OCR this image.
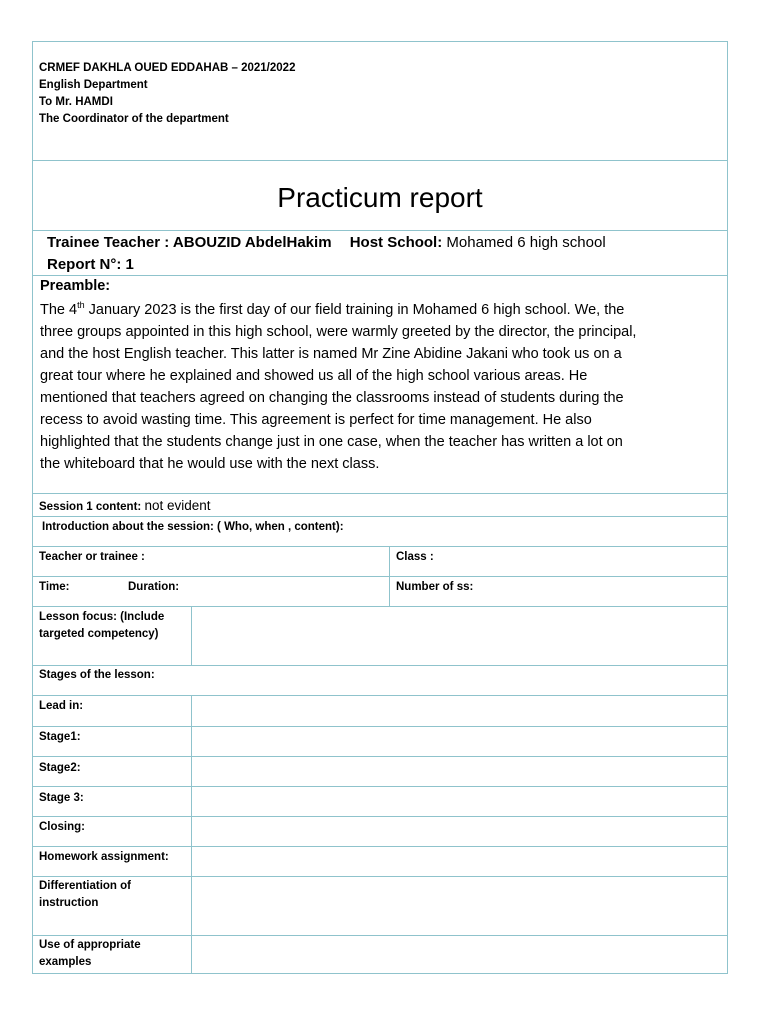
CRMEF DAKHLA OUED EDDAHAB – 2021/2022
English Department
To Mr. HAMDI
The Coordinator of the department
Practicum report
Trainee Teacher : ABOUZID AbdelHakim Host School: Mohamed 6 high school
Report N°: 1
Preamble:
The 4th January 2023 is the first day of our field training in Mohamed 6 high school. We, the
three groups appointed in this high school, were warmly greeted by the director, the principal,
and the host English teacher. This latter is named Mr Zine Abidine Jakani who took us on a
great tour where he explained and showed us all of the high school various areas. He
mentioned that teachers agreed on changing the classrooms instead of students during the
recess to avoid wasting time. This agreement is perfect for time management. He also
highlighted that the students change just in one case, when the teacher has written a lot on
the whiteboard that he would use with the next class.
Session 1 content: not evident
Introduction about the session: ( Who, when , content):
Teacher or trainee :	Class :
Time:	Duration:	Number of ss:
Lesson focus: (Include
targeted competency)
Stages of the lesson:
Lead in:
Stage1:
Stage2:
Stage 3:
Closing:
Homework assignment:
Differentiation of
instruction
Use of appropriate
examples
